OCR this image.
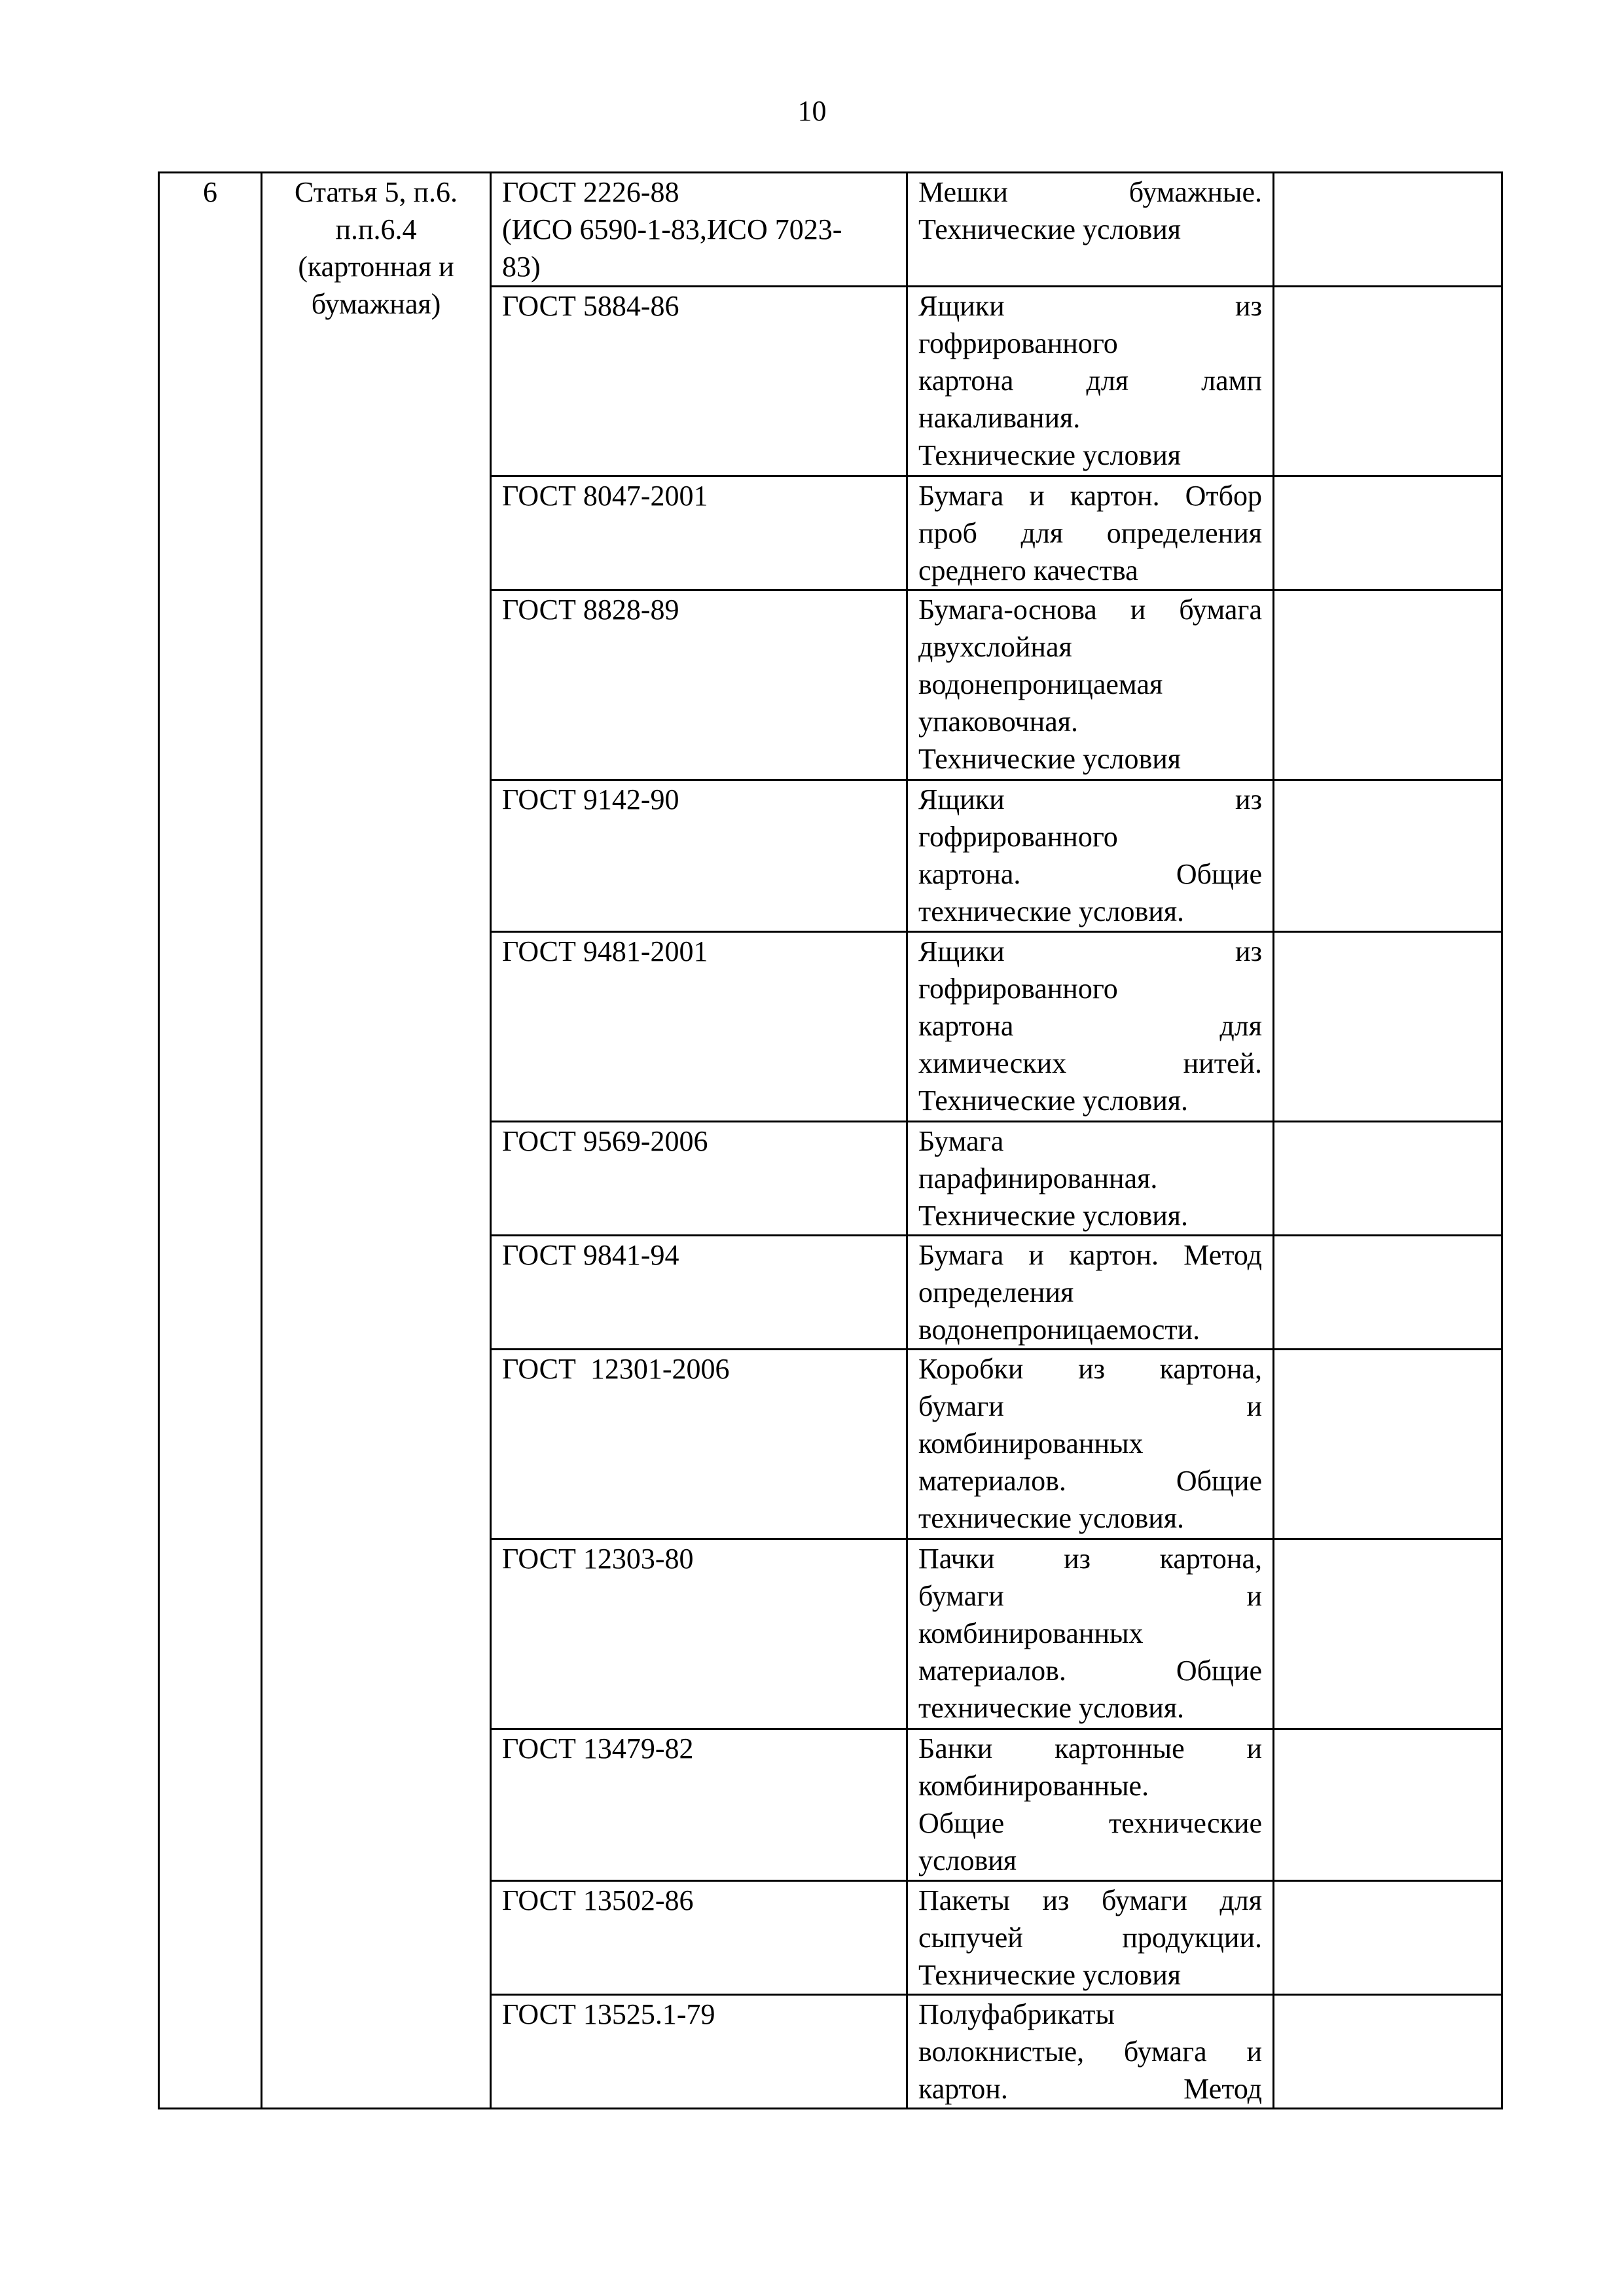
10
6	Статья 5, п.6.
п.п.6.4
(картонная и
бумажная)	ГОСТ 2226-88
(ИСО 6590-1-83,ИСО 7023-
83)	Мешки бумажные.
Технические условия	

		ГОСТ 5884-86	Ящики из
гофрированного
картона для ламп
накаливания.
Технические условия	

		ГОСТ 8047-2001	Бумага и картон. Отбор
проб для определения
среднего качества	

		ГОСТ 8828-89	Бумага-основа и бумага
двухслойная
водонепроницаемая
упаковочная.
Технические условия	

		ГОСТ 9142-90	Ящики из
гофрированного
картона. Общие
технические условия.	

		ГОСТ 9481-2001	Ящики из
гофрированного
картона для
химических нитей.
Технические условия.	

		ГОСТ 9569-2006	Бумага
парафинированная.
Технические условия.	

		ГОСТ 9841-94	Бумага и картон. Метод
определения
водонепроницаемости.	

		ГОСТ  12301-2006	Коробки из картона,
бумаги и
комбинированных
материалов. Общие
технические условия.	

		ГОСТ 12303-80	Пачки из картона,
бумаги и
комбинированных
материалов. Общие
технические условия.	

		ГОСТ 13479-82	Банки картонные и
комбинированные.
Общие технические
условия	

		ГОСТ 13502-86	Пакеты из бумаги для
сыпучей продукции.
Технические условия	

		ГОСТ 13525.1-79	Полуфабрикаты
волокнистые, бумага и
картон. Метод	
